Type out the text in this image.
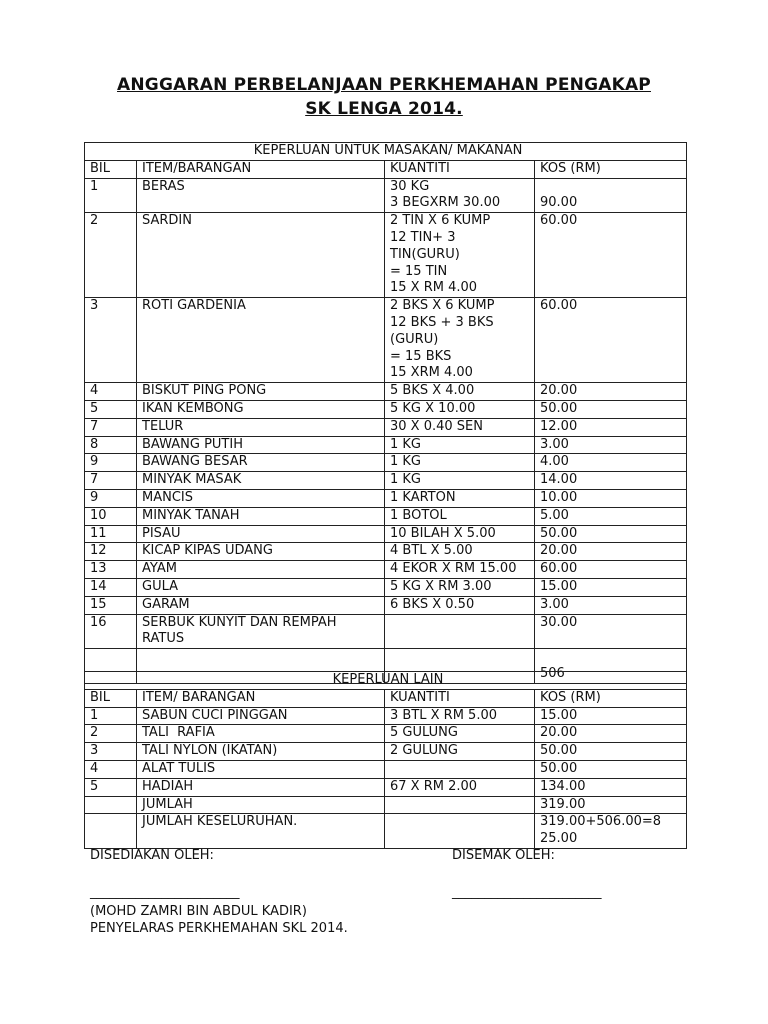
ANGGARAN PERBELANJAAN PERKHEMAHAN PENGAKAP
SK LENGA 2014.
KEPERLUAN UNTUK MASAKAN/ MAKANAN			
BIL	ITEM/BARANGAN	KUANTITI	KOS (RM)

1	BERAS	30 KG
3 BEGXRM 30.00	90.00

2	SARDIN	2 TIN X 6 KUMP
12 TIN+ 3
TIN(GURU)
= 15 TIN
15 X RM 4.00	60.00

3	ROTI GARDENIA	2 BKS X 6 KUMP
12 BKS + 3 BKS
(GURU)
= 15 BKS
15 XRM 4.00	60.00

4	BISKUT PING PONG	5 BKS X 4.00	20.00

5	IKAN KEMBONG	5 KG X 10.00	50.00

7	TELUR	30 X 0.40 SEN	12.00

8	BAWANG PUTIH	1 KG	3.00

9	BAWANG BESAR	1 KG	4.00

7	MINYAK MASAK	1 KG	14.00

9	MANCIS	1 KARTON	10.00

10	MINYAK TANAH	1 BOTOL	5.00

11	PISAU	10 BILAH X 5.00	50.00

12	KICAP KIPAS UDANG	4 BTL X 5.00	20.00

13	AYAM	4 EKOR X RM 15.00	60.00

14	GULA	5 KG X RM 3.00	15.00

15	GARAM	6 BKS X 0.50	3.00

16	SERBUK KUNYIT DAN REMPAH
RATUS		30.00

			506
KEPERLUAN LAIN			
BIL	ITEM/ BARANGAN	KUANTITI	KOS (RM)

1	SABUN CUCI PINGGAN	3 BTL X RM 5.00	15.00

2	TALI  RAFIA	5 GULUNG	20.00

3	TALI NYLON (IKATAN)	2 GULUNG	50.00

4	ALAT TULIS		50.00

5	HADIAH	67 X RM 2.00	134.00

	JUMLAH		319.00

	JUMLAH KESELURUHAN.		319.00+506.00=8
25.00
DISEDIAKAN OLEH:	DISEMAK OLEH:
_______________________	_______________________
(MOHD ZAMRI BIN ABDUL KADIR)
PENYELARAS PERKHEMAHAN SKL 2014.
